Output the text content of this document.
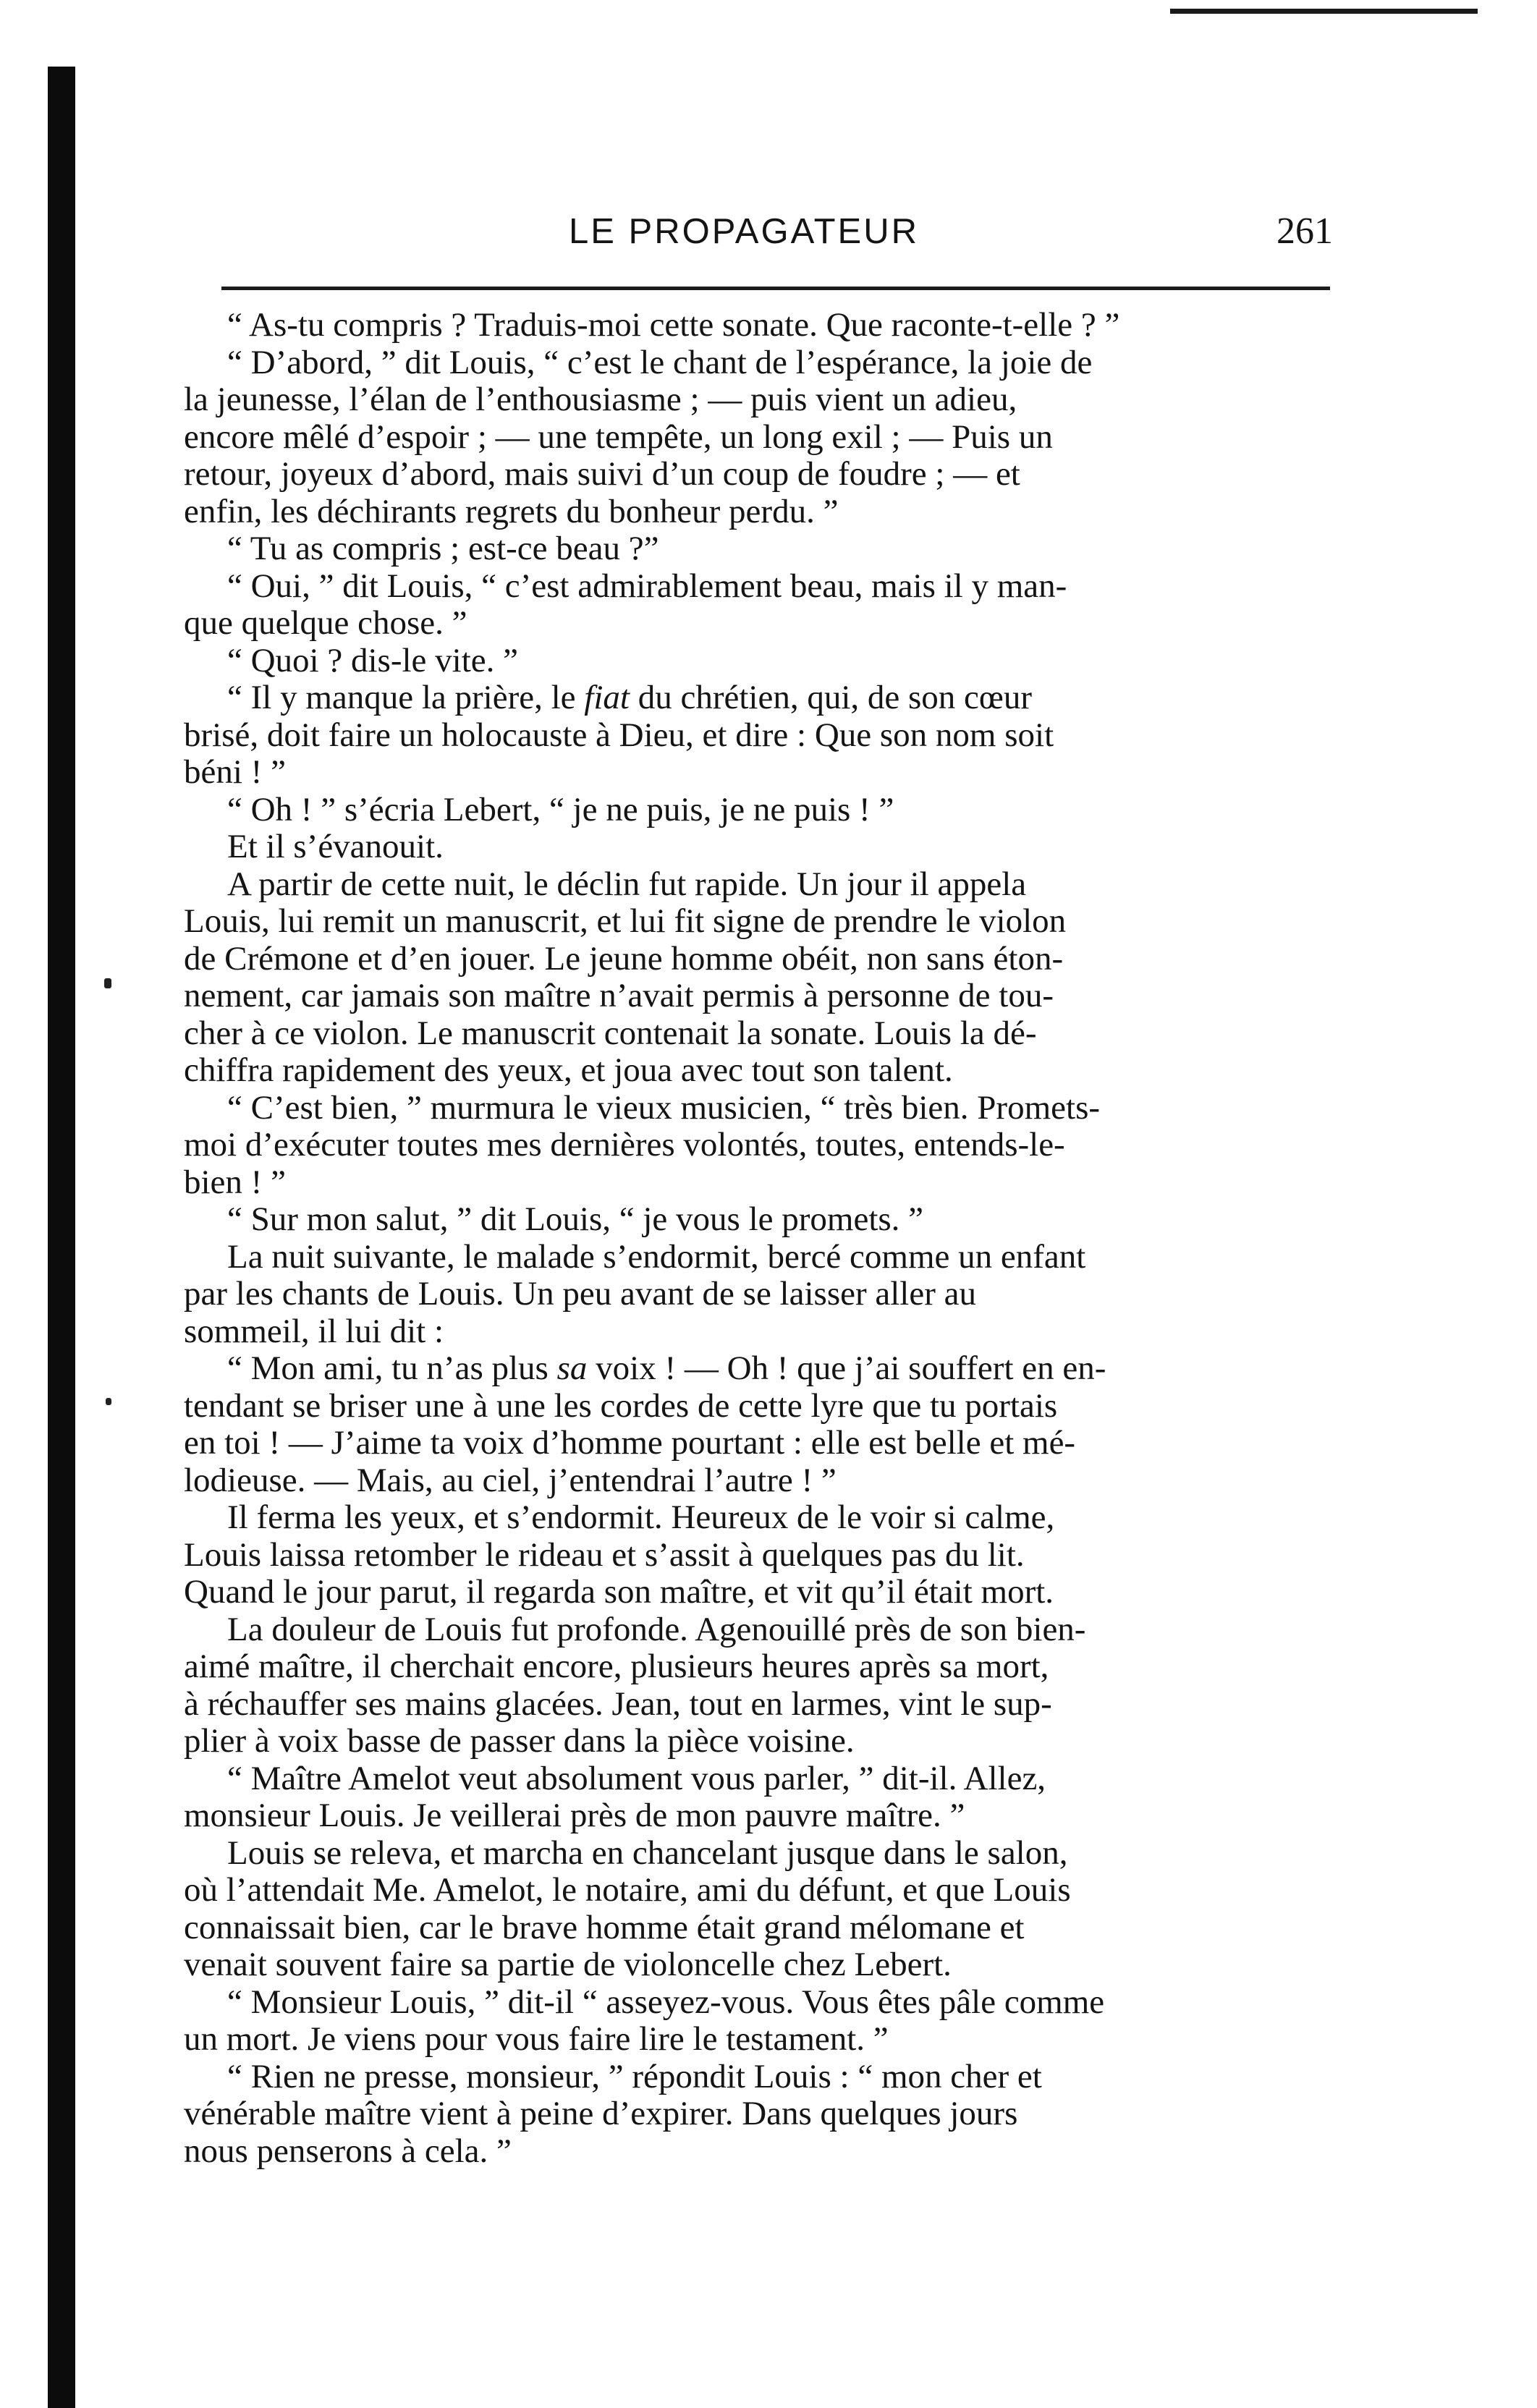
LE PROPAGATEUR	261
“ As-tu compris ? Traduis-moi cette sonate. Que raconte-t-elle ? ”
“ D’abord, ” dit Louis, “ c’est le chant de l’espérance, la joie de
la jeunesse, l’élan de l’enthousiasme ; — puis vient un adieu,
encore mêlé d’espoir ; — une tempête, un long exil ; — Puis un
retour, joyeux d’abord, mais suivi d’un coup de foudre ; — et
enfin, les déchirants regrets du bonheur perdu. ”
“ Tu as compris ; est-ce beau ?”
“ Oui, ” dit Louis, “ c’est admirablement beau, mais il y man-
que quelque chose. ”
“ Quoi ? dis-le vite. ”
“ Il y manque la prière, le fiat du chrétien, qui, de son cœur
brisé, doit faire un holocauste à Dieu, et dire : Que son nom soit
béni ! ”
“ Oh ! ” s’écria Lebert, “ je ne puis, je ne puis ! ”
Et il s’évanouit.
A partir de cette nuit, le déclin fut rapide. Un jour il appela
Louis, lui remit un manuscrit, et lui fit signe de prendre le violon
de Crémone et d’en jouer. Le jeune homme obéit, non sans éton-
nement, car jamais son maître n’avait permis à personne de tou-
cher à ce violon. Le manuscrit contenait la sonate. Louis la dé-
chiffra rapidement des yeux, et joua avec tout son talent.
“ C’est bien, ” murmura le vieux musicien, “ très bien. Promets-
moi d’exécuter toutes mes dernières volontés, toutes, entends-le-
bien ! ”
“ Sur mon salut, ” dit Louis, “ je vous le promets. ”
La nuit suivante, le malade s’endormit, bercé comme un enfant
par les chants de Louis. Un peu avant de se laisser aller au
sommeil, il lui dit :
“ Mon ami, tu n’as plus sa voix ! — Oh ! que j’ai souffert en en-
tendant se briser une à une les cordes de cette lyre que tu portais
en toi ! — J’aime ta voix d’homme pourtant : elle est belle et mé-
lodieuse. — Mais, au ciel, j’entendrai l’autre ! ”
Il ferma les yeux, et s’endormit. Heureux de le voir si calme,
Louis laissa retomber le rideau et s’assit à quelques pas du lit.
Quand le jour parut, il regarda son maître, et vit qu’il était mort.
La douleur de Louis fut profonde. Agenouillé près de son bien-
aimé maître, il cherchait encore, plusieurs heures après sa mort,
à réchauffer ses mains glacées. Jean, tout en larmes, vint le sup-
plier à voix basse de passer dans la pièce voisine.
“ Maître Amelot veut absolument vous parler, ” dit-il. Allez,
monsieur Louis. Je veillerai près de mon pauvre maître. ”
Louis se releva, et marcha en chancelant jusque dans le salon,
où l’attendait Me. Amelot, le notaire, ami du défunt, et que Louis
connaissait bien, car le brave homme était grand mélomane et
venait souvent faire sa partie de violoncelle chez Lebert.
“ Monsieur Louis, ” dit-il “ asseyez-vous. Vous êtes pâle comme
un mort. Je viens pour vous faire lire le testament. ”
“ Rien ne presse, monsieur, ” répondit Louis : “ mon cher et
vénérable maître vient à peine d’expirer. Dans quelques jours
nous penserons à cela. ”
